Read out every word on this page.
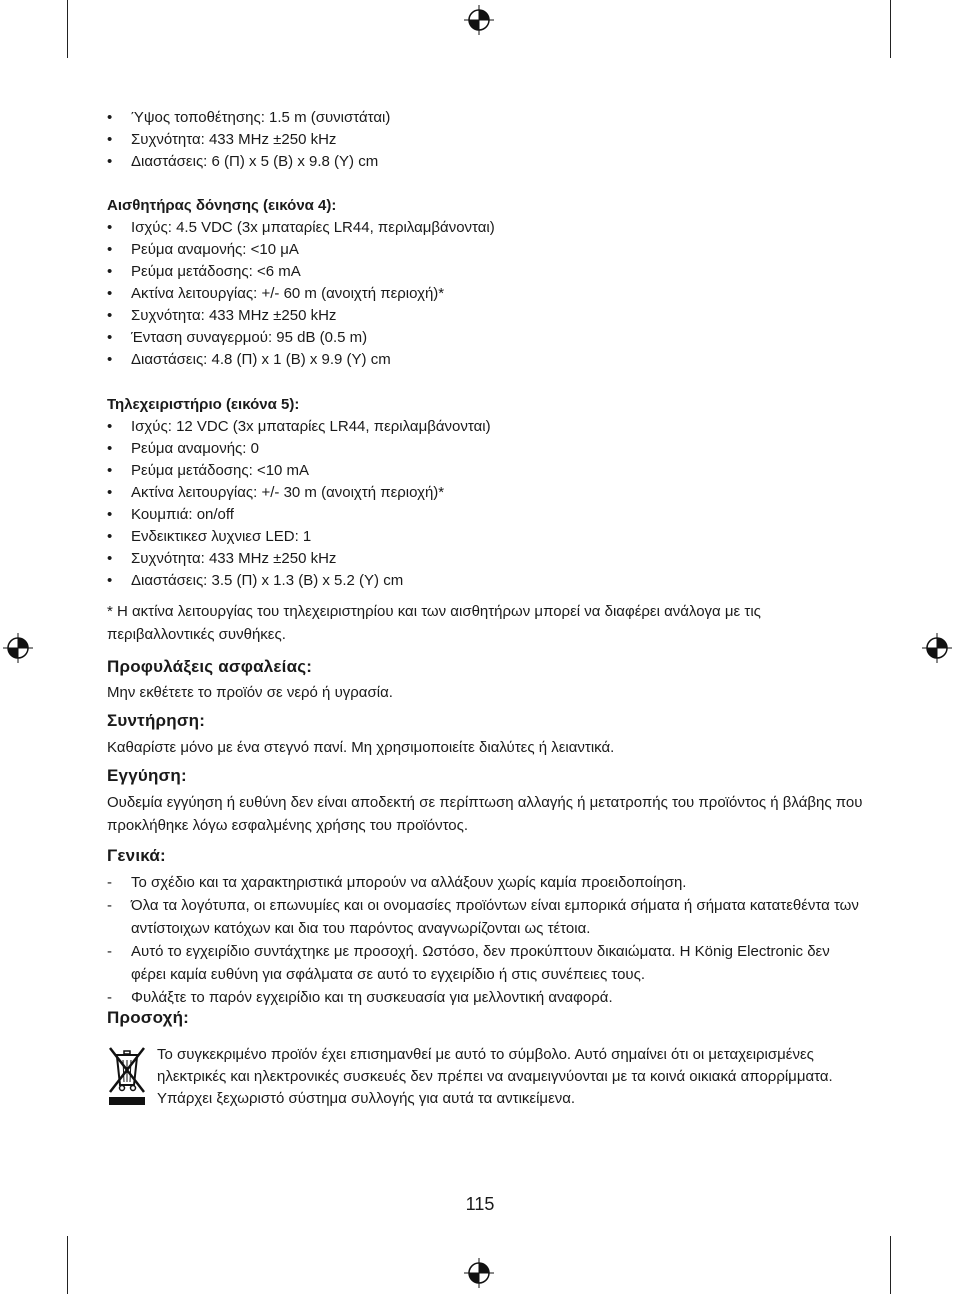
• Ύψος τοποθέτησης: 1.5 m (συνιστάται)
• Συχνότητα: 433 MHz ±250 kHz
• Διαστάσεις: 6 (Π) x 5 (Β) x 9.8 (Υ) cm

Αισθητήρας δόνησης (εικόνα 4):

• Ισχύς: 4.5 VDC (3x μπαταρίες LR44, περιλαμβάνονται)
• Ρεύμα αναμονής: <10 μA
• Ρεύμα μετάδοσης: <6 mA
• Ακτίνα λειτουργίας: +/- 60 m (ανοιχτή περιοχή)*
• Συχνότητα: 433 MHz ±250 kHz
• Ένταση συναγερμού: 95 dB (0.5 m)
• Διαστάσεις: 4.8 (Π) x 1 (Β) x 9.9 (Υ) cm

Τηλεχειριστήριο (εικόνα 5):

• Ισχύς: 12 VDC (3x μπαταρίες LR44, περιλαμβάνονται)
• Ρεύμα αναμονής: 0
• Ρεύμα μετάδοσης: <10 mA
• Ακτίνα λειτουργίας: +/- 30 m (ανοιχτή περιοχή)*
• Κουμπιά: on/off
• Ενδεικτικεσ λυχνιεσ LED: 1
• Συχνότητα: 433 MHz ±250 kHz
• Διαστάσεις: 3.5 (Π) x 1.3 (Β) x 5.2 (Υ) cm

* Η ακτίνα λειτουργίας του τηλεχειριστηρίου και των αισθητήρων μπορεί να διαφέρει ανάλογα με τις περιβαλλοντικές συνθήκες.

Προφυλάξεις ασφαλείας:

Μην εκθέτετε το προϊόν σε νερό ή υγρασία.

Συντήρηση:

Καθαρίστε μόνο με ένα στεγνό πανί. Μη χρησιμοποιείτε διαλύτες ή λειαντικά.

Εγγύηση:

Ουδεμία εγγύηση ή ευθύνη δεν είναι αποδεκτή σε περίπτωση αλλαγής ή μετατροπής του προϊόντος ή βλάβης που προκλήθηκε λόγω εσφαλμένης χρήσης του προϊόντος.

Γενικά:

- Το σχέδιο και τα χαρακτηριστικά μπορούν να αλλάξουν χωρίς καμία προειδοποίηση.
- Όλα τα λογότυπα, οι επωνυμίες και οι ονομασίες προϊόντων είναι εμπορικά σήματα ή σήματα κατατεθέντα των αντίστοιχων κατόχων και δια του παρόντος αναγνωρίζονται ως τέτοια.
- Αυτό το εγχειρίδιο συντάχτηκε με προσοχή. Ωστόσο, δεν προκύπτουν δικαιώματα. Η König Electronic δεν φέρει καμία ευθύνη για σφάλματα σε αυτό το εγχειρίδιο ή στις συνέπειες τους.
- Φυλάξτε το παρόν εγχειρίδιο και τη συσκευασία για μελλοντική αναφορά.

Προσοχή:

Το συγκεκριμένο προϊόν έχει επισημανθεί με αυτό το σύμβολο. Αυτό σημαίνει ότι οι μεταχειρισμένες ηλεκτρικές και ηλεκτρονικές συσκευές δεν πρέπει να αναμειγνύονται με τα κοινά οικιακά απορρίμματα. Υπάρχει ξεχωριστό σύστημα συλλογής για αυτά τα αντικείμενα.
115
